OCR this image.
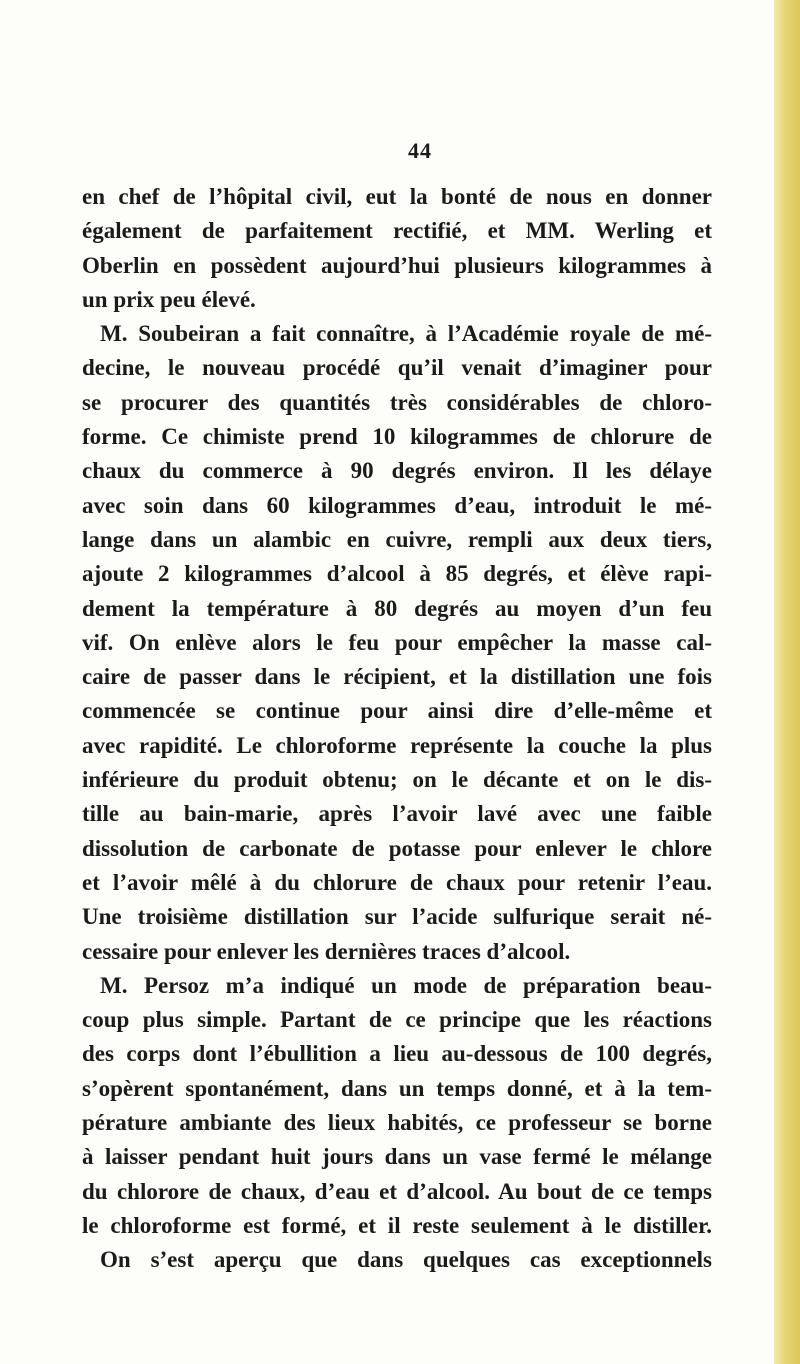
44
en chef de l’hôpital civil, eut la bonté de nous en donner
également de parfaitement rectifié, et MM. Werling et
Oberlin en possèdent aujourd’hui plusieurs kilogrammes à
un prix peu élevé.
M. Soubeiran a fait connaître, à l’Académie royale de mé-
decine, le nouveau procédé qu’il venait d’imaginer pour
se procurer des quantités très considérables de chloro-
forme. Ce chimiste prend 10 kilogrammes de chlorure de
chaux du commerce à 90 degrés environ. Il les délaye
avec soin dans 60 kilogrammes d’eau, introduit le mé-
lange dans un alambic en cuivre, rempli aux deux tiers,
ajoute 2 kilogrammes d’alcool à 85 degrés, et élève rapi-
dement la température à 80 degrés au moyen d’un feu
vif. On enlève alors le feu pour empêcher la masse cal-
caire de passer dans le récipient, et la distillation une fois
commencée se continue pour ainsi dire d’elle-même et
avec rapidité. Le chloroforme représente la couche la plus
inférieure du produit obtenu; on le décante et on le dis-
tille au bain-marie, après l’avoir lavé avec une faible
dissolution de carbonate de potasse pour enlever le chlore
et l’avoir mêlé à du chlorure de chaux pour retenir l’eau.
Une troisième distillation sur l’acide sulfurique serait né-
cessaire pour enlever les dernières traces d’alcool.
M. Persoz m’a indiqué un mode de préparation beau-
coup plus simple. Partant de ce principe que les réactions
des corps dont l’ébullition a lieu au-dessous de 100 degrés,
s’opèrent spontanément, dans un temps donné, et à la tem-
pérature ambiante des lieux habités, ce professeur se borne
à laisser pendant huit jours dans un vase fermé le mélange
du chlorore de chaux, d’eau et d’alcool. Au bout de ce temps
le chloroforme est formé, et il reste seulement à le distiller.
On s’est aperçu que dans quelques cas exceptionnels
